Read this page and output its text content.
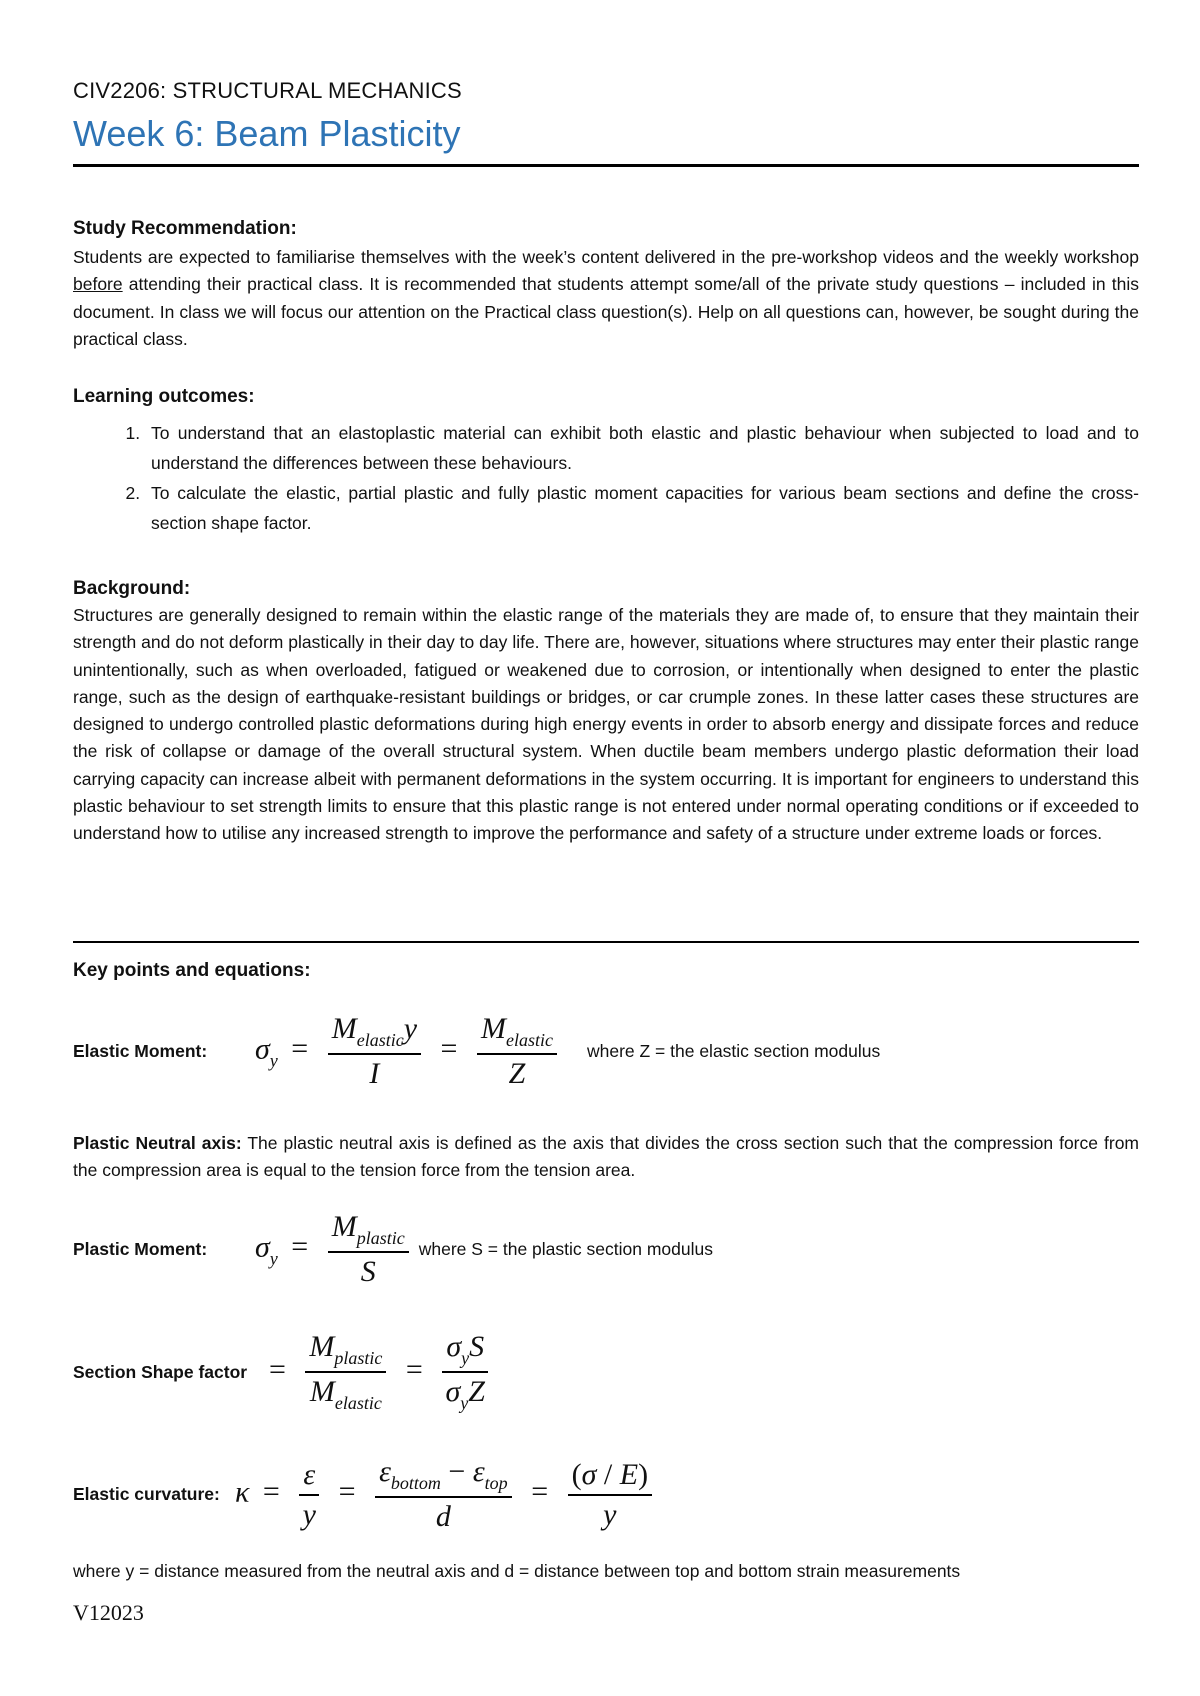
CIV2206: STRUCTURAL MECHANICS
Week 6: Beam Plasticity
Study Recommendation:

Students are expected to familiarise themselves with the week’s content delivered in the pre-workshop videos and the weekly workshop before attending their practical class. It is recommended that students attempt some/all of the private study questions – included in this document. In class we will focus our attention on the Practical class question(s). Help on all questions can, however, be sought during the practical class.

Learning outcomes:
1. To understand that an elastoplastic material can exhibit both elastic and plastic behaviour when subjected to load and to understand the differences between these behaviours.
2. To calculate the elastic, partial plastic and fully plastic moment capacities for various beam sections and define the cross-section shape factor.
Background:

Structures are generally designed to remain within the elastic range of the materials they are made of, to ensure that they maintain their strength and do not deform plastically in their day to day life. There are, however, situations where structures may enter their plastic range unintentionally, such as when overloaded, fatigued or weakened due to corrosion, or intentionally when designed to enter the plastic range, such as the design of earthquake-resistant buildings or bridges, or car crumple zones. In these latter cases these structures are designed to undergo controlled plastic deformations during high energy events in order to absorb energy and dissipate forces and reduce the risk of collapse or damage of the overall structural system. When ductile beam members undergo plastic deformation their load carrying capacity can increase albeit with permanent deformations in the system occurring. It is important for engineers to understand this plastic behaviour to set strength limits to ensure that this plastic range is not entered under normal operating conditions or if exceeded to understand how to utilise any increased strength to improve the performance and safety of a structure under extreme loads or forces.

Key points and equations:
Elastic Moment:	$\sigma_y = \frac{M_{elastic}y}{I} = \frac{M_{elastic}}{Z}$ where Z = the elastic section modulus

Plastic Neutral axis: The plastic neutral axis is defined as the axis that divides the cross section such that the compression force from the compression area is equal to the tension force from the tension area.

Plastic Moment:	$\sigma_y = \frac{M_{plastic}}{S}$ where S = the plastic section modulus
Section Shape factor = $\frac{M_{plastic}}{M_{elastic}} = \frac{\sigma_yS}{\sigma_yZ}$
Elastic curvature: $\kappa = \frac{\varepsilon}{y} = \frac{\varepsilon_{bottom} - \varepsilon_{top}}{d} = \frac{(\sigma / E)}{y}$

where y = distance measured from the neutral axis and d = distance between top and bottom strain measurements

V12023
